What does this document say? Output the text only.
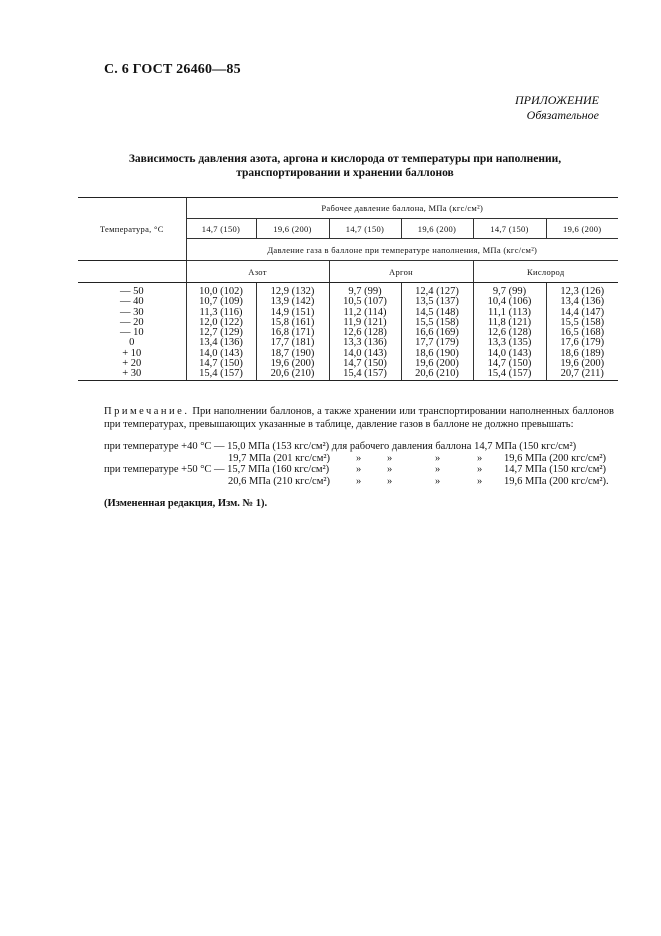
С. 6 ГОСТ 26460—85
ПРИЛОЖЕНИЕ
Обязательное
Зависимость давления азота, аргона и кислорода от температуры при наполнении,
транспортировании и хранении баллонов
Температура, °С	Рабочее давление баллона, МПа (кгс/см²)					
	14,7 (150)	19,6 (200)	14,7 (150)	19,6 (200)	14,7 (150)	19,6 (200)
	Давление газа в баллоне при температуре наполнения, МПа (кгс/см²)					
	Азот		Аргон		Кислород	
— 50	10,0 (102)	12,9 (132)	9,7 (99)	12,4 (127)	9,7 (99)	12,3 (126)
— 40	10,7 (109)	13,9 (142)	10,5 (107)	13,5 (137)	10,4 (106)	13,4 (136)
— 30	11,3 (116)	14,9 (151)	11,2 (114)	14,5 (148)	11,1 (113)	14,4 (147)
— 20	12,0 (122)	15,8 (161)	11,9 (121)	15,5 (158)	11,8 (121)	15,5 (158)
— 10	12,7 (129)	16,8 (171)	12,6 (128)	16,6 (169)	12,6 (128)	16,5 (168)
0	13,4 (136)	17,7 (181)	13,3 (136)	17,7 (179)	13,3 (135)	17,6 (179)
+ 10	14,0 (143)	18,7 (190)	14,0 (143)	18,6 (190)	14,0 (143)	18,6 (189)
+ 20	14,7 (150)	19,6 (200)	14,7 (150)	19,6 (200)	14,7 (150)	19,6 (200)
+ 30	15,4 (157)	20,6 (210)	15,4 (157)	20,6 (210)	15,4 (157)	20,7 (211)
Примечание. При наполнении баллонов, а также хранении или транспортировании наполненных баллонов при температурах, превышающих указанные в таблице, давление газов в баллоне не должно превышать:
при температуре +40 °С — 15,0 МПа (153 кгс/см²) для рабочего давления баллона 14,7 МПа (150 кгс/см²)
19,7 МПа (201 кгс/см²) » »	»	» 19,6 МПа (200 кгс/см²)
при температуре +50 °С — 15,7 МПа (160 кгс/см²)	» »	»	» 14,7 МПа (150 кгс/см²)
20,6 МПа (210 кгс/см²) » »	»	» 19,6 МПа (200 кгс/см²).
(Измененная редакция, Изм. № 1).
